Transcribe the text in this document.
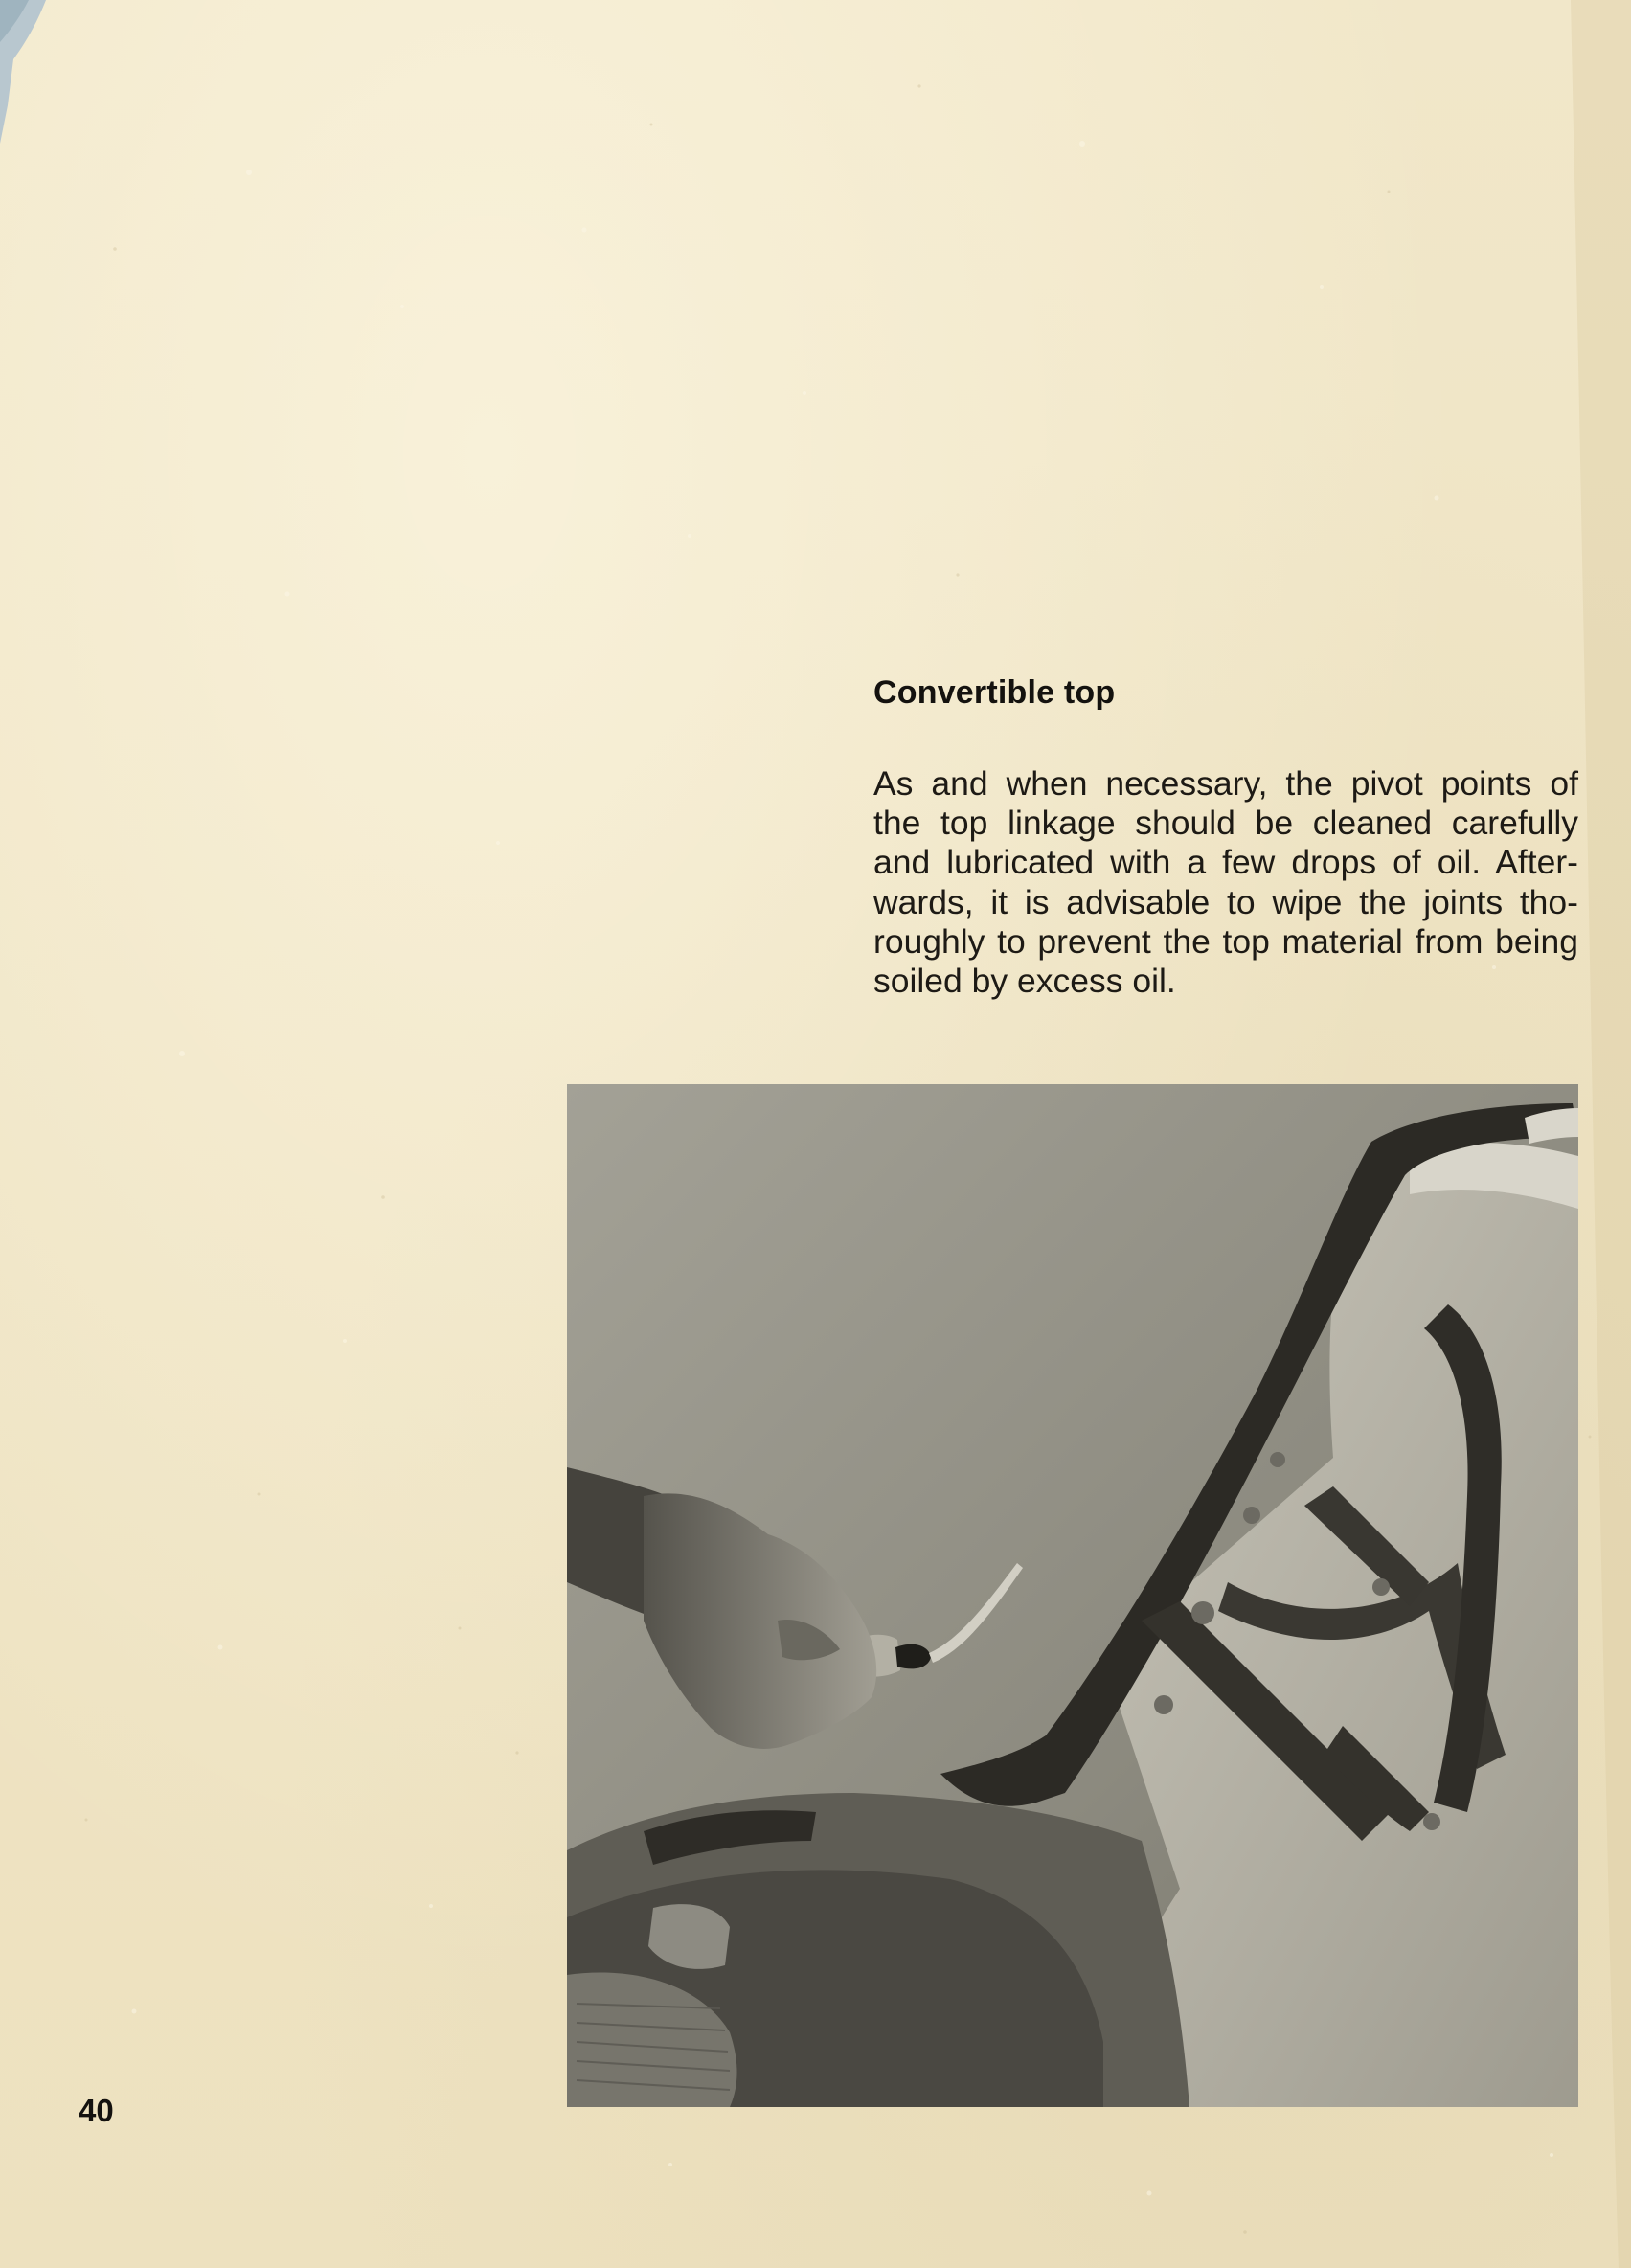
Convertible top

As and when necessary, the pivot points of
the top linkage should be cleaned carefully
and lubricated with a few drops of oil. After-
wards, it is advisable to wipe the joints tho-
roughly to prevent the top material from being
soiled by excess oil.

40
